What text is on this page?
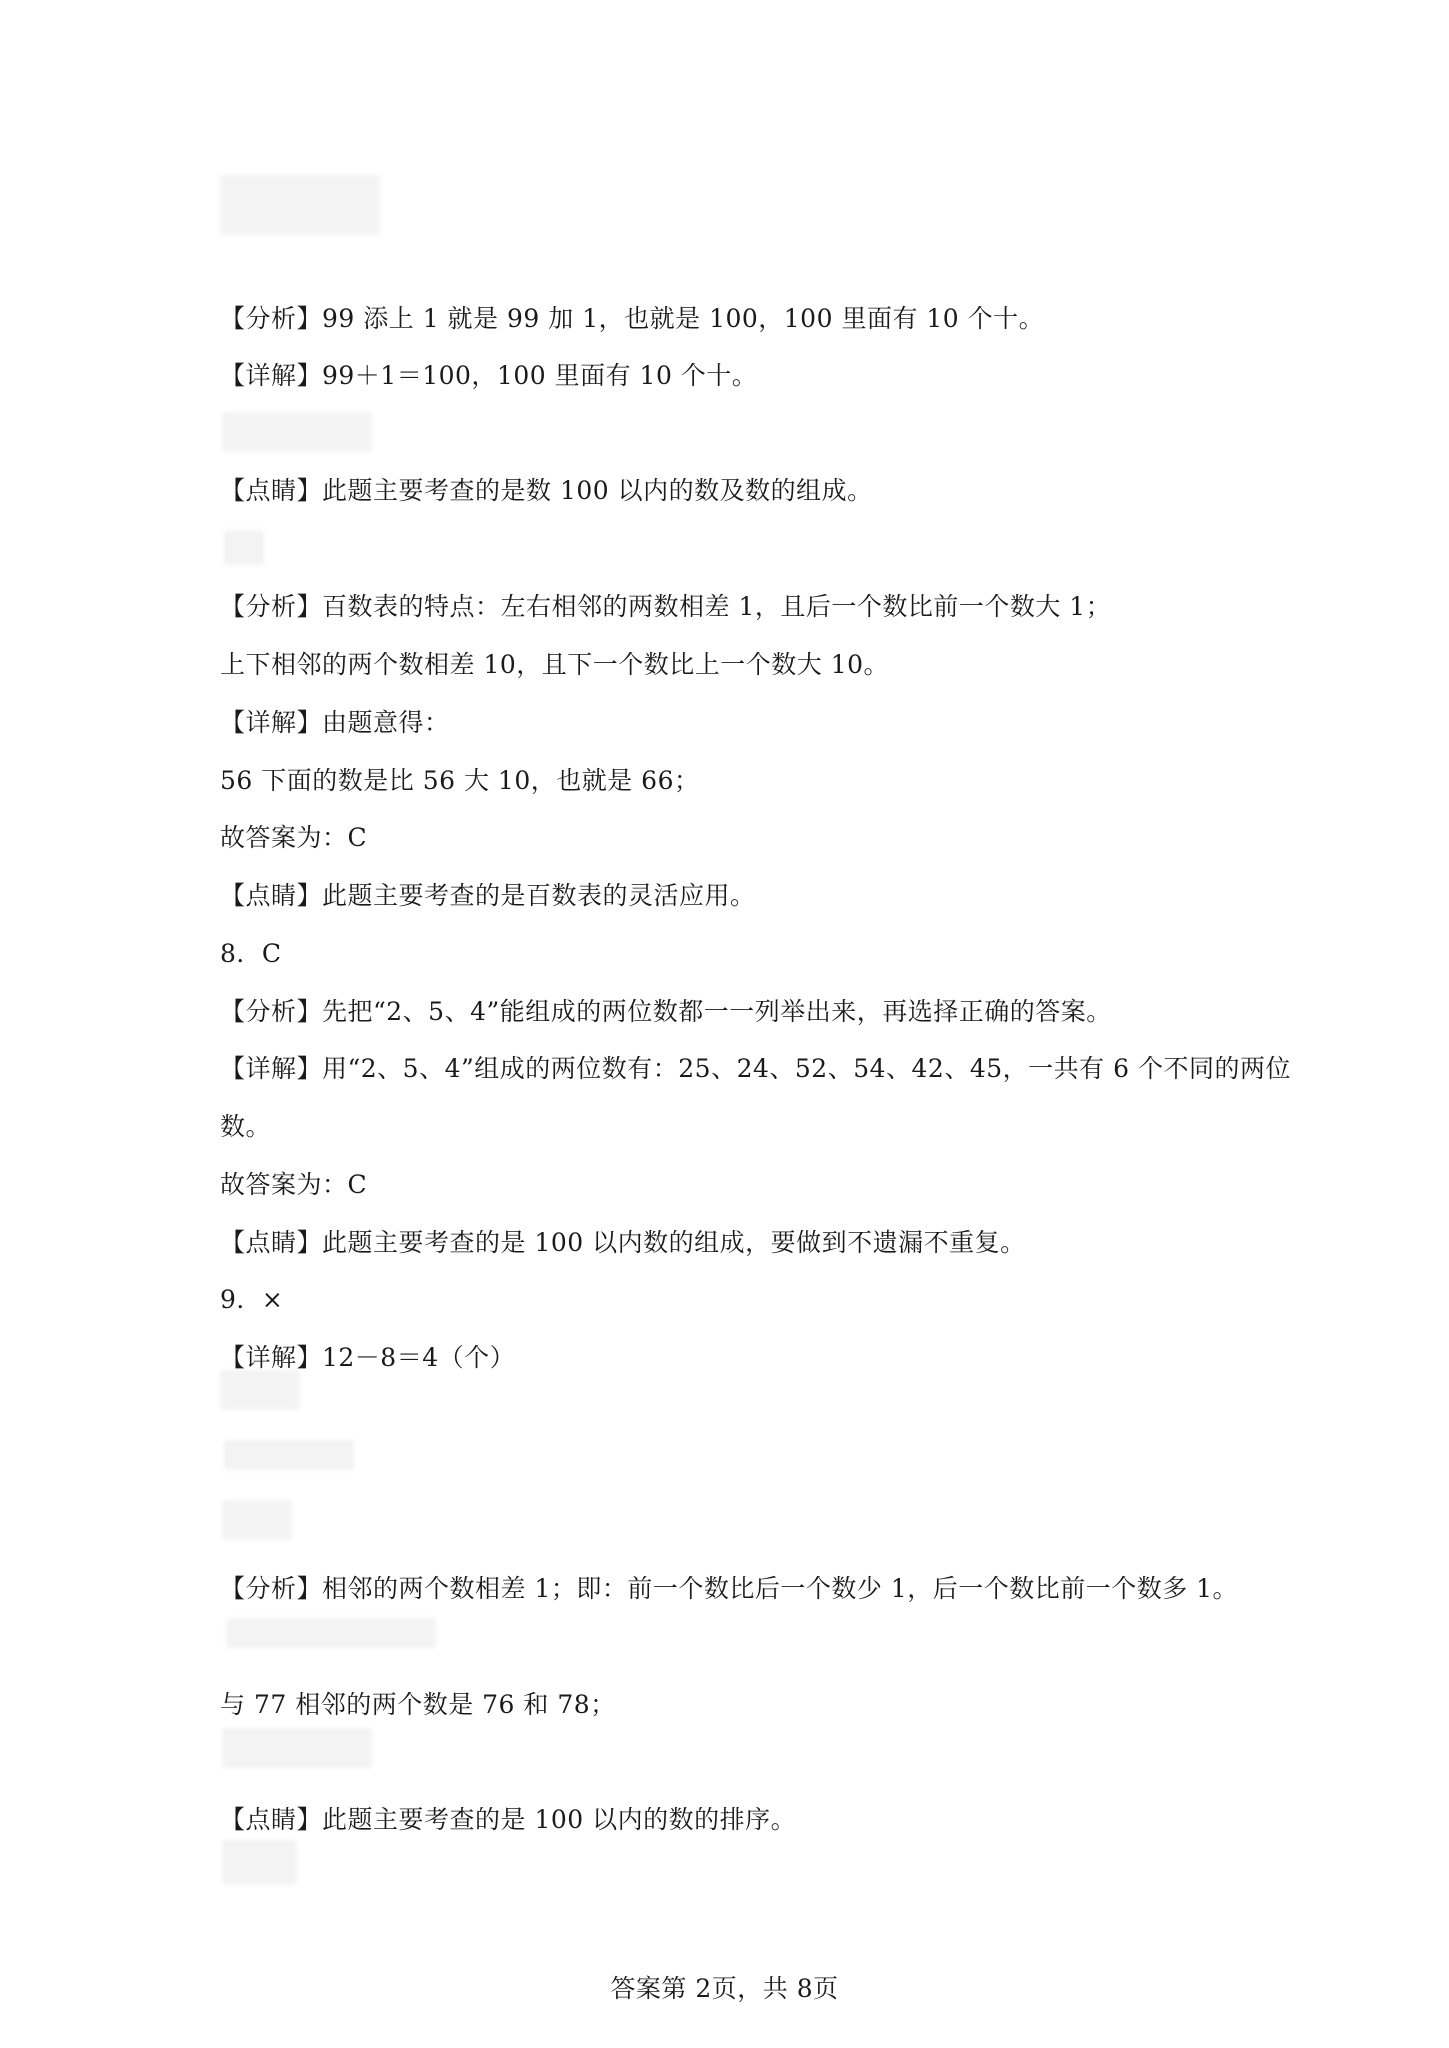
【分析】99 添上 1 就是 99 加 1，也就是 100，100 里面有 10 个十。
【详解】99＋1＝100，100 里面有 10 个十。
【点睛】此题主要考查的是数 100 以内的数及数的组成。
【分析】百数表的特点：左右相邻的两数相差 1，且后一个数比前一个数大 1；
上下相邻的两个数相差 10，且下一个数比上一个数大 10。
【详解】由题意得：
56 下面的数是比 56 大 10，也就是 66；
故答案为：C
【点睛】此题主要考查的是百数表的灵活应用。
8．C
【分析】先把“2、5、4”能组成的两位数都一一列举出来，再选择正确的答案。
【详解】用“2、5、4”组成的两位数有：25、24、52、54、42、45，一共有 6 个不同的两位
数。
故答案为：C
【点睛】此题主要考查的是 100 以内数的组成，要做到不遗漏不重复。
9．×
【详解】12－8＝4（个）
【分析】相邻的两个数相差 1；即：前一个数比后一个数少 1，后一个数比前一个数多 1。
与 77 相邻的两个数是 76 和 78；
【点睛】此题主要考查的是 100 以内的数的排序。
答案第 2页，共 8页
